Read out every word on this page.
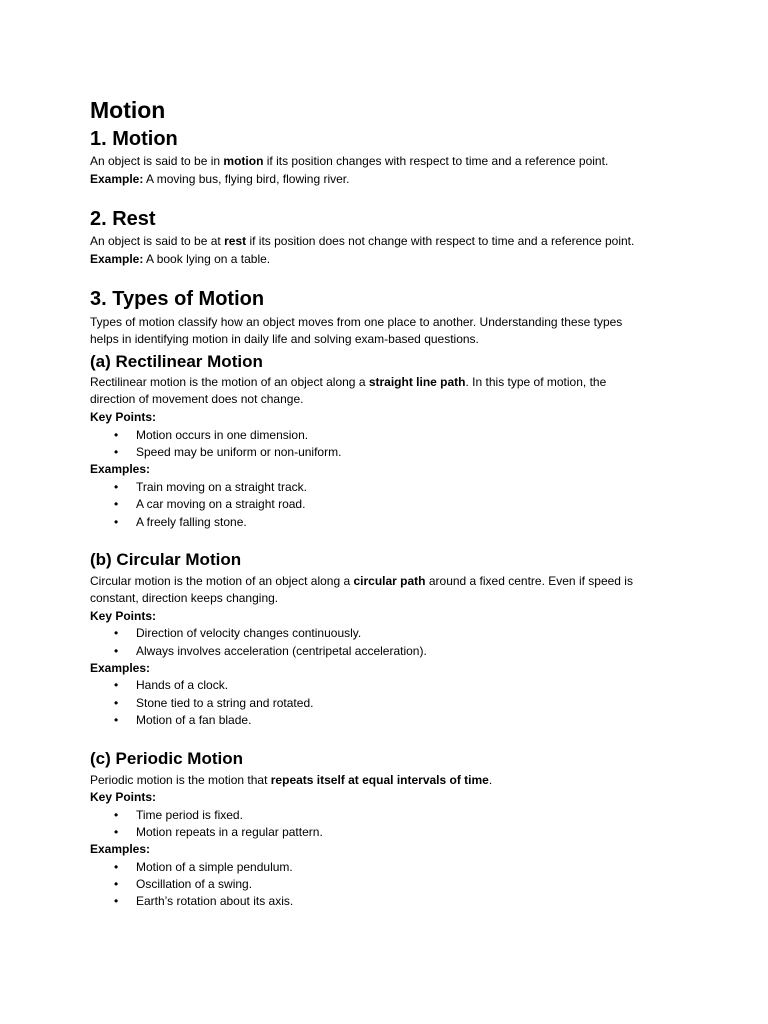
Motion
1. Motion

An object is said to be in motion if its position changes with respect to time and a reference point.

Example: A moving bus, flying bird, flowing river.

2. Rest

An object is said to be at rest if its position does not change with respect to time and a reference point.

Example: A book lying on a table.

3. Types of Motion

Types of motion classify how an object moves from one place to another. Understanding these types

helps in identifying motion in daily life and solving exam-based questions.

(a) Rectilinear Motion

Rectilinear motion is the motion of an object along a straight line path. In this type of motion, the

direction of movement does not change.

Key Points:

• Motion occurs in one dimension.

• Speed may be uniform or non-uniform.

Examples:

• Train moving on a straight track.

• A car moving on a straight road.

• A freely falling stone.

(b) Circular Motion

Circular motion is the motion of an object along a circular path around a fixed centre. Even if speed is

constant, direction keeps changing.

Key Points:

• Direction of velocity changes continuously.

• Always involves acceleration (centripetal acceleration).

Examples:

• Hands of a clock.

• Stone tied to a string and rotated.

• Motion of a fan blade.

(c) Periodic Motion

Periodic motion is the motion that repeats itself at equal intervals of time.

Key Points:

• Time period is fixed.

• Motion repeats in a regular pattern.

Examples:

• Motion of a simple pendulum.

• Oscillation of a swing.

• Earth’s rotation about its axis.
